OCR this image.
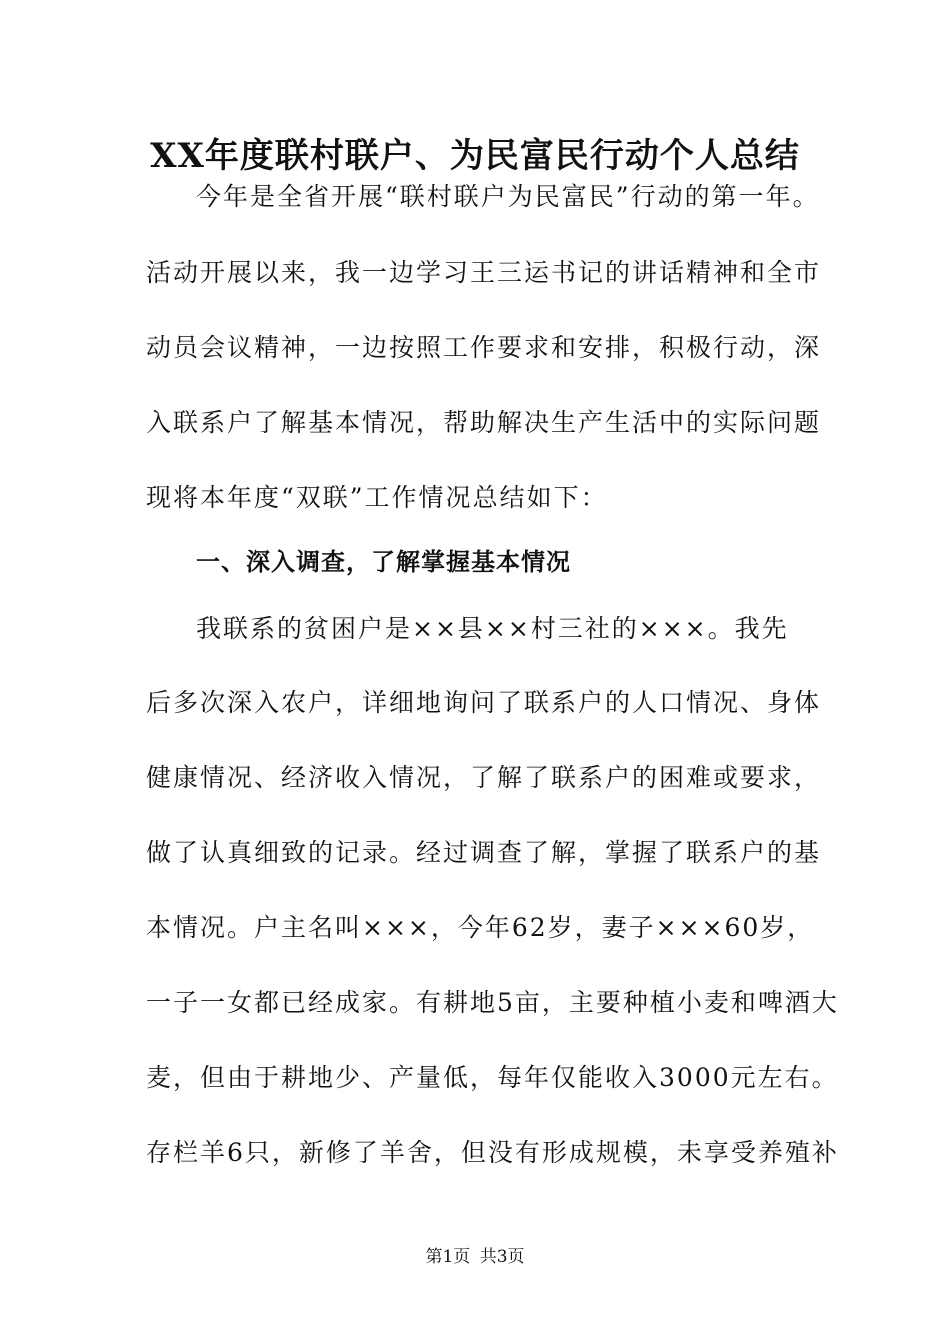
XX年度联村联户、为民富民行动个人总结
今年是全省开展“联村联户为民富民”行动的第一年。
活动开展以来，我一边学习王三运书记的讲话精神和全市
动员会议精神，一边按照工作要求和安排，积极行动，深
入联系户了解基本情况，帮助解决生产生活中的实际问题
现将本年度“双联”工作情况总结如下：
一、深入调查，了解掌握基本情况
我联系的贫困户是××县××村三社的×××。我先
后多次深入农户，详细地询问了联系户的人口情况、身体
健康情况、经济收入情况，了解了联系户的困难或要求，
做了认真细致的记录。经过调查了解，掌握了联系户的基
本情况。户主名叫×××，今年62岁，妻子×××60岁，
一子一女都已经成家。有耕地5亩，主要种植小麦和啤酒大
麦，但由于耕地少、产量低，每年仅能收入3000元左右。
存栏羊6只，新修了羊舍，但没有形成规模，未享受养殖补
第1页 共3页
